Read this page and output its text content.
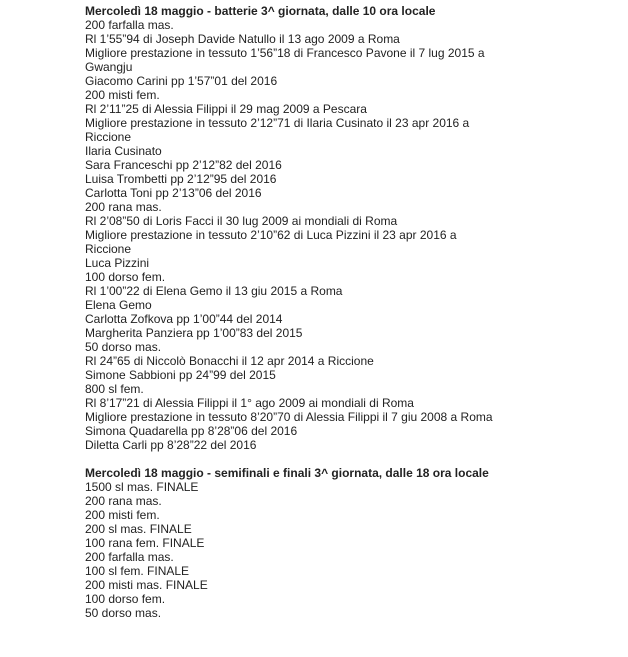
Mercoledì 18 maggio - batterie 3^ giornata, dalle 10 ora locale

200 farfalla mas.

Rl 1’55”94 di Joseph Davide Natullo il 13 ago 2009 a Roma

Migliore prestazione in tessuto 1’56”18 di Francesco Pavone il 7 lug 2015 a Gwangju

Giacomo Carini pp 1’57”01 del 2016

200 misti fem.

Rl 2’11”25 di Alessia Filippi il 29 mag 2009 a Pescara

Migliore prestazione in tessuto 2’12”71 di Ilaria Cusinato il 23 apr 2016 a Riccione

Ilaria Cusinato

Sara Franceschi pp 2’12”82 del 2016

Luisa Trombetti pp 2’12”95 del 2016

Carlotta Toni pp 2’13”06 del 2016

200 rana mas.

Rl 2’08”50 di Loris Facci il 30 lug 2009 ai mondiali di Roma

Migliore prestazione in tessuto 2’10”62 di Luca Pizzini il 23 apr 2016 a Riccione

Luca Pizzini

100 dorso fem.

Rl 1’00”22 di Elena Gemo il 13 giu 2015 a Roma

Elena Gemo

Carlotta Zofkova pp 1’00”44 del 2014

Margherita Panziera pp 1’00”83 del 2015

50 dorso mas.

Rl 24”65 di Niccolò Bonacchi il 12 apr 2014 a Riccione

Simone Sabbioni pp 24”99 del 2015

800 sl fem.

Rl 8’17”21 di Alessia Filippi il 1° ago 2009 ai mondiali di Roma

Migliore prestazione in tessuto 8’20”70 di Alessia Filippi il 7 giu 2008 a Roma

Simona Quadarella pp 8’28”06 del 2016

Diletta Carli pp 8’28”22 del 2016

Mercoledì 18 maggio - semifinali e finali 3^ giornata, dalle 18 ora locale

1500 sl mas. FINALE

200 rana mas.

200 misti fem.

200 sl mas. FINALE

100 rana fem. FINALE

200 farfalla mas.

100 sl fem. FINALE

200 misti mas. FINALE

100 dorso fem.

50 dorso mas.
